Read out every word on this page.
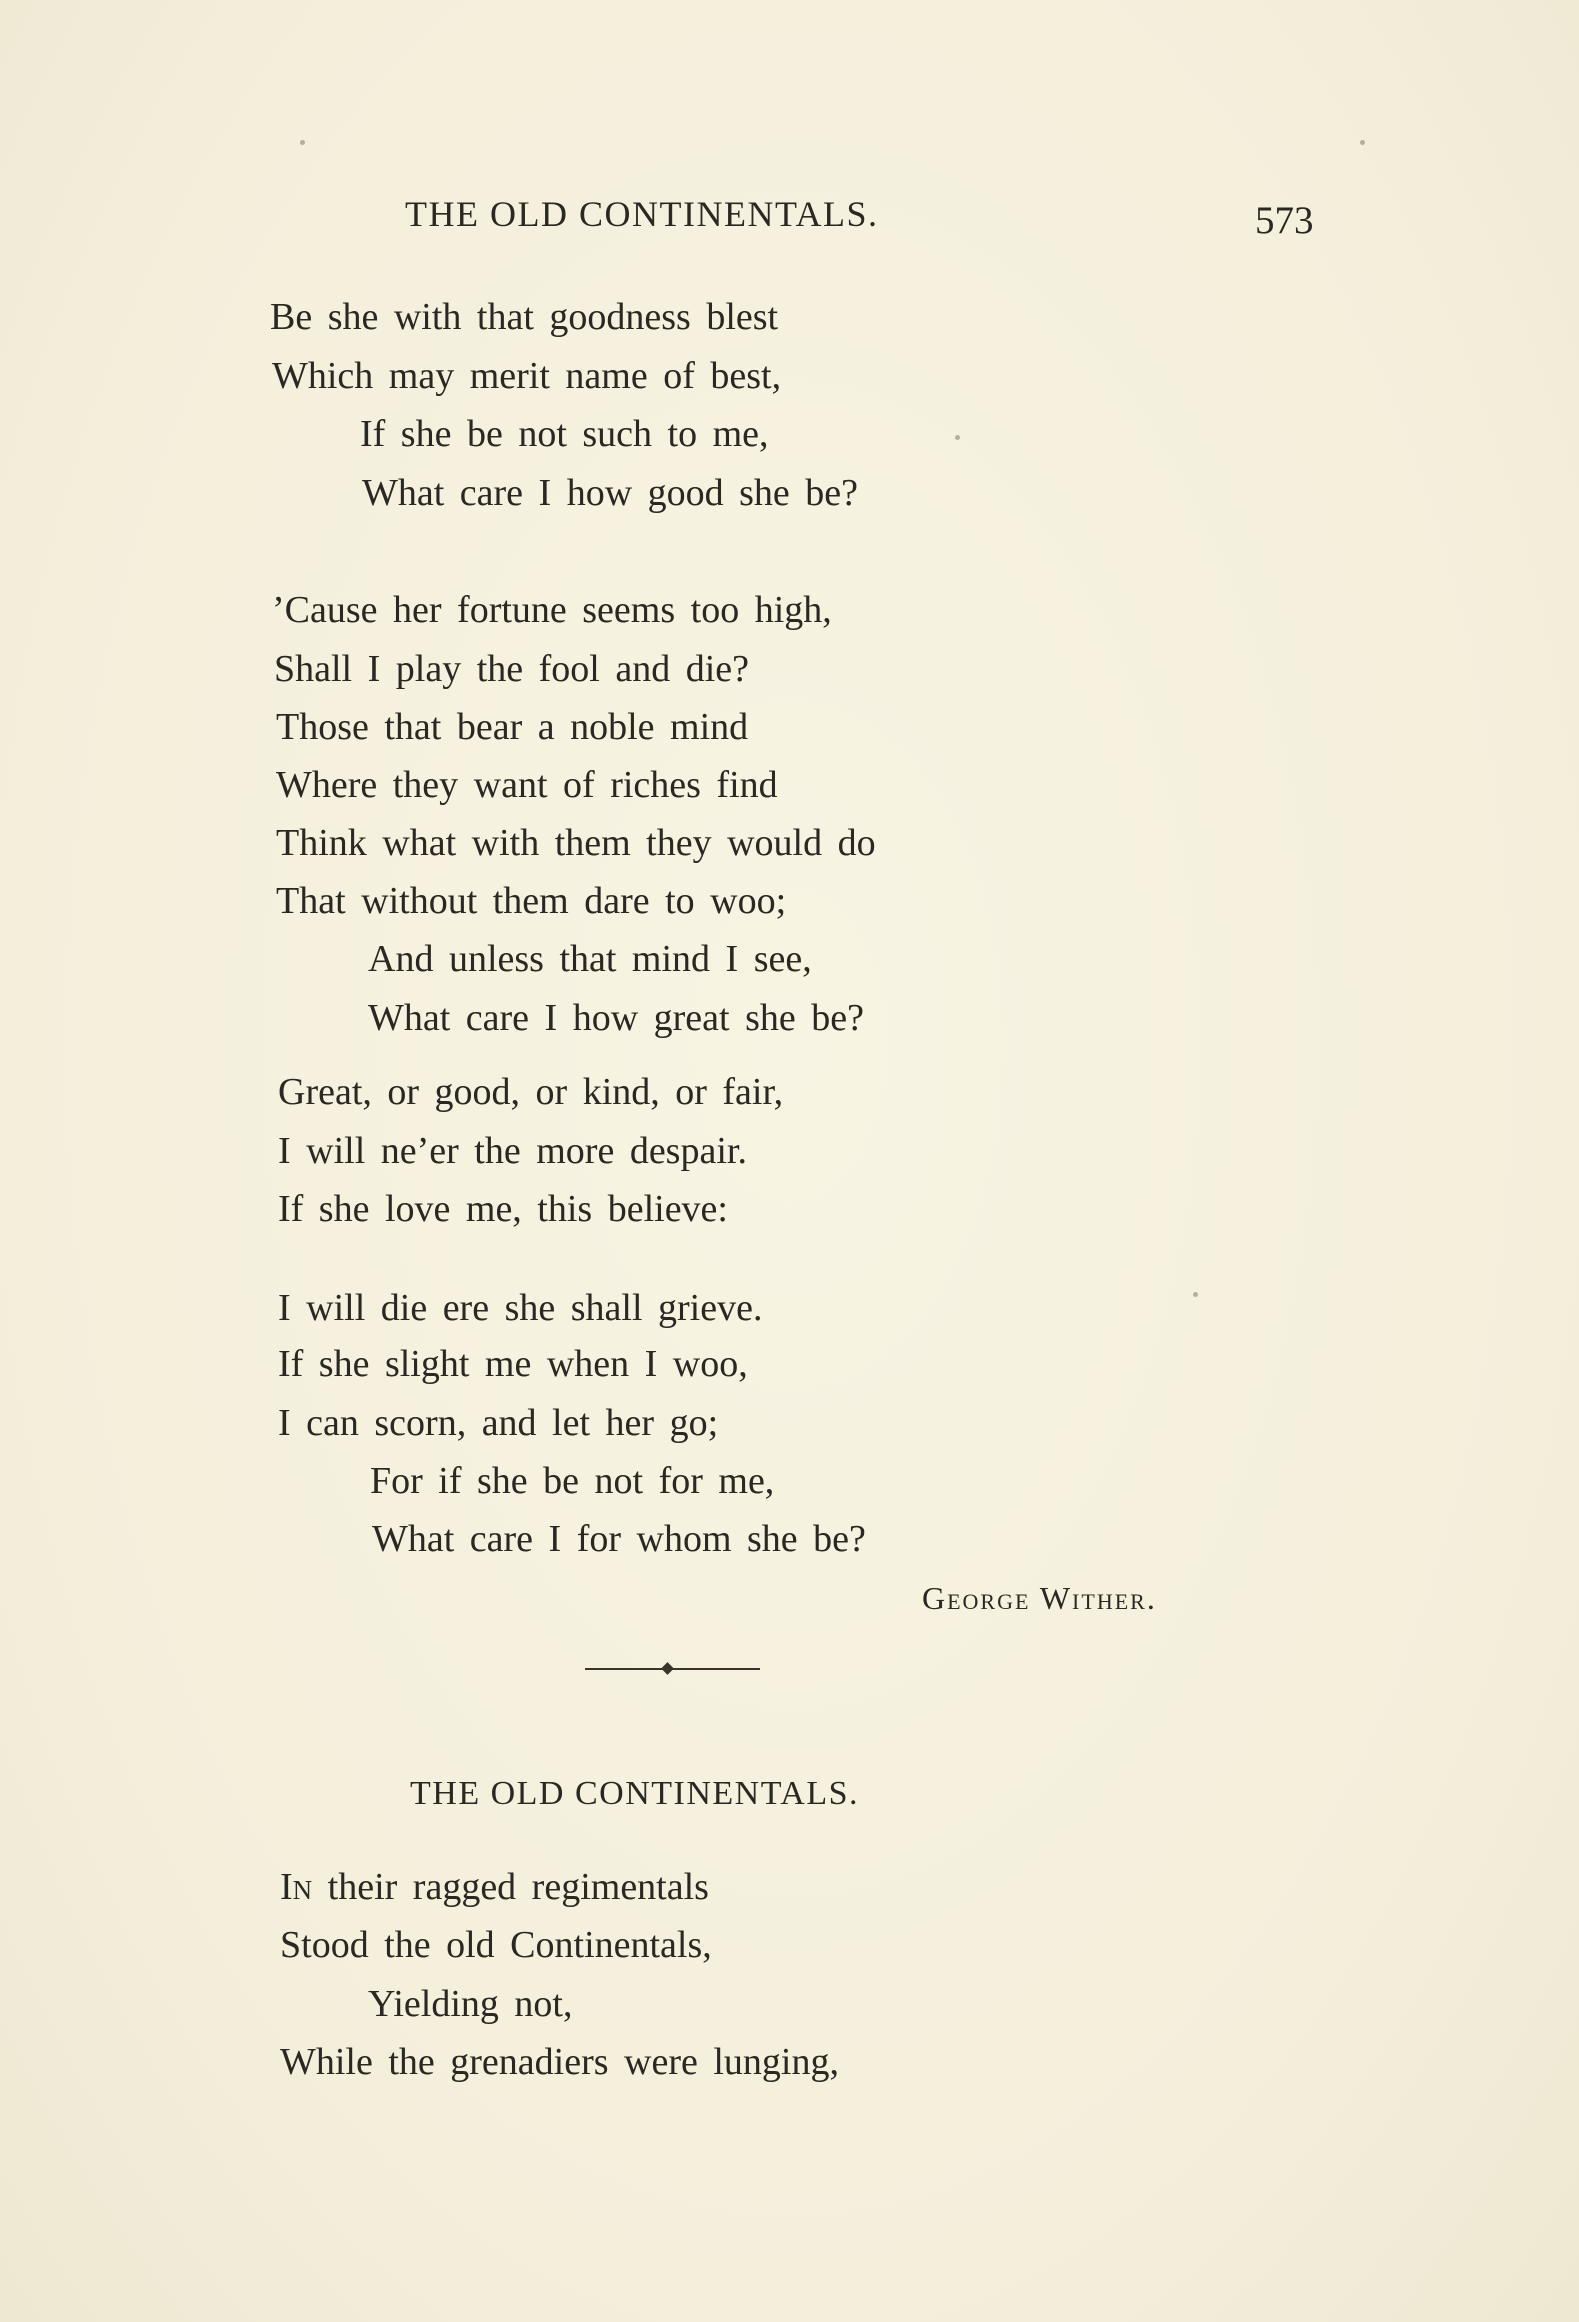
THE OLD CONTINENTALS.	573
Be she with that goodness blest
Which may merit name of best,
If she be not such to me,
What care I how good she be?
’Cause her fortune seems too high,
Shall I play the fool and die?
Those that bear a noble mind
Where they want of riches find
Think what with them they would do
That without them dare to woo;
And unless that mind I see,
What care I how great she be?
Great, or good, or kind, or fair,
I will ne’er the more despair.
If she love me, this believe:
I will die ere she shall grieve.
If she slight me when I woo,
I can scorn, and let her go;
For if she be not for me,
What care I for whom she be?
George Wither.
THE OLD CONTINENTALS.
In their ragged regimentals
Stood the old Continentals,
Yielding not,
While the grenadiers were lunging,
